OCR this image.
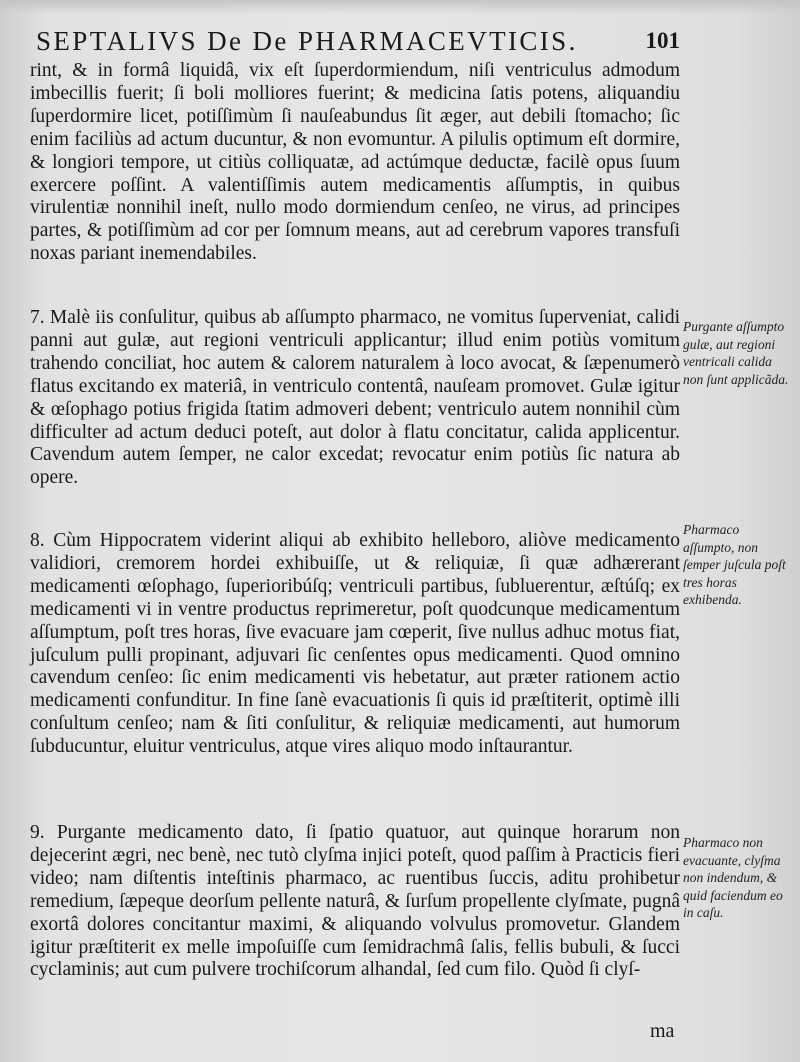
SEPTALIVS De De PHARMACEVTICIS.	101

rint, & in formâ liquidâ, vix eſt ſuperdormiendum, niſi ventriculus admodum imbecillis fuerit; ſi boli molliores fuerint; & medicina ſatis potens, aliquandiu ſuperdormire licet, potiſſimùm ſi nauſeabundus ſit æger, aut debili ſtomacho; ſic enim faciliùs ad actum ducuntur, & non evomuntur. A pilulis optimum eſt dormire, & longiori tempore, ut citiùs colliquatæ, ad actúmque deductæ, facilè opus ſuum exercere poſſint. A valentiſſimis autem medicamentis aſſumptis, in quibus virulentiæ nonnihil ineſt, nullo modo dormiendum cenſeo, ne virus, ad principes partes, & potiſſimùm ad cor per ſomnum means, aut ad cerebrum vapores transfuſi noxas pariant inemendabiles.

7. Malè iis conſulitur, quibus ab aſſumpto pharmaco, ne vomitus ſuperveniat, calidi panni aut gulæ, aut regioni ventriculi applicantur; illud enim potiùs vomitum trahendo conciliat, hoc autem & calorem naturalem à loco avocat, & ſæpenumerò flatus excitando ex materiâ, in ventriculo contentâ, nauſeam promovet. Gulæ igitur & œſophago potius frigida ſtatim admoveri debent; ventriculo autem nonnihil cùm difficulter ad actum deduci poteſt, aut dolor à flatu concitatur, calida applicentur. Cavendum autem ſemper, ne calor excedat; revocatur enim potiùs ſic natura ab opere.

8. Cùm Hippocratem viderint aliqui ab exhibito helleboro, aliòve medicamento validiori, cremorem hordei exhibuiſſe, ut & reliquiæ, ſi quæ adhærerant medicamenti œſophago, ſuperioribúſq; ventriculi partibus, ſubluerentur, æſtúſq; ex medicamenti vi in ventre productus reprimeretur, poſt quodcunque medicamentum aſſumptum, poſt tres horas, ſive evacuare jam cœperit, ſive nullus adhuc motus fiat, juſculum pulli propinant, adjuvari ſic cenſentes opus medicamenti. Quod omnino cavendum cenſeo: ſic enim medicamenti vis hebetatur, aut præter rationem actio medicamenti confunditur. In fine ſanè evacuationis ſi quis id præſtiterit, optimè illi conſultum cenſeo; nam & ſiti conſulitur, & reliquiæ medicamenti, aut humorum ſubducuntur, eluitur ventriculus, atque vires aliquo modo inſtaurantur.

9. Purgante medicamento dato, ſi ſpatio quatuor, aut quinque horarum non dejecerint ægri, nec benè, nec tutò clyſma injici poteſt, quod paſſim à Practicis fieri video; nam diſtentis inteſtinis pharmaco, ac ruentibus ſuccis, aditu prohibetur remedium, ſæpeque deorſum pellente naturâ, & ſurſum propellente clyſmate, pugnâ exortâ dolores concitantur maximi, & aliquando volvulus promovetur. Glandem igitur præſtiterit ex melle impoſuiſſe cum ſemidrachmâ ſalis, fellis bubuli, & ſucci cyclaminis; aut cum pulvere trochiſcorum alhandal, ſed cum filo. Quòd ſi clyſ-

Purgante aſſumpto gulæ, aut regioni ventricali calida non ſunt applicãda.
Pharmaco aſſumpto, non ſemper juſcula poſt tres horas exhibenda.
Pharmaco non evacuante, clyſma non indendum, & quid faciendum eo in caſu.
ma
